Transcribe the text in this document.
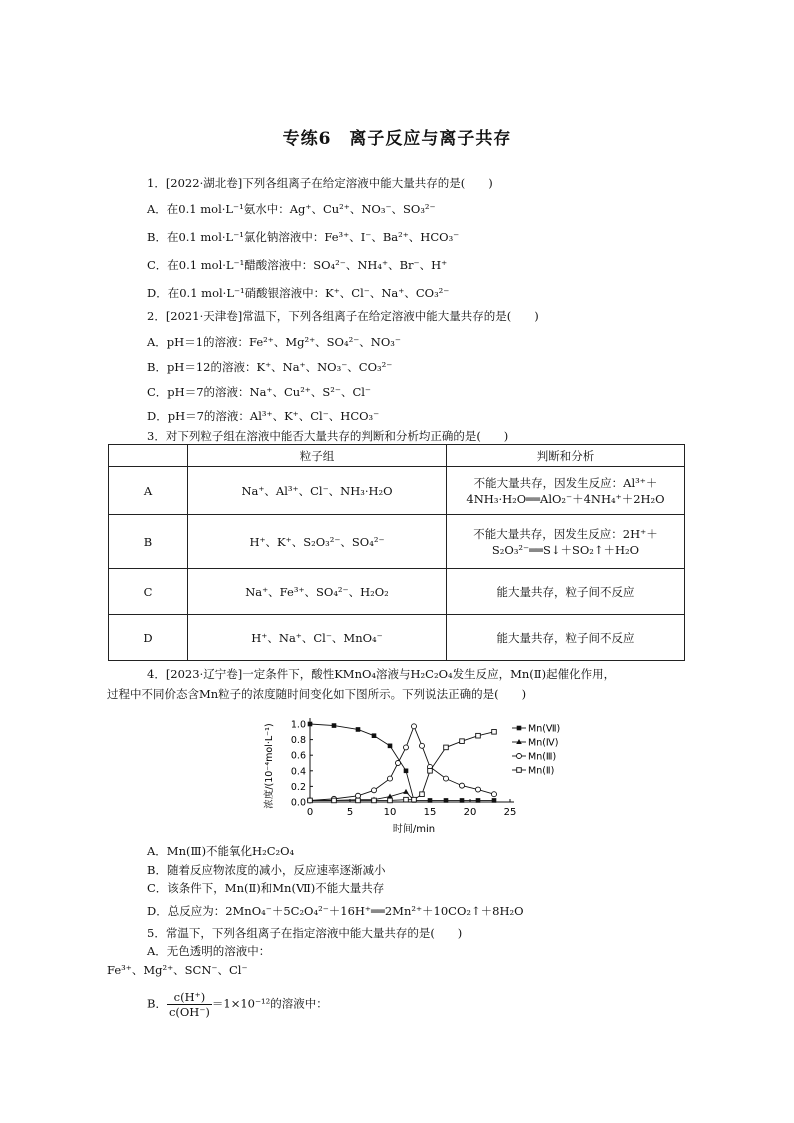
专练6　离子反应与离子共存
1．[2022·湖北卷]下列各组离子在给定溶液中能大量共存的是(　　)
A．在0.1 mol·L⁻¹氨水中：Ag⁺、Cu²⁺、NO₃⁻、SO₃²⁻
B．在0.1 mol·L⁻¹氯化钠溶液中：Fe³⁺、I⁻、Ba²⁺、HCO₃⁻
C．在0.1 mol·L⁻¹醋酸溶液中：SO₄²⁻、NH₄⁺、Br⁻、H⁺
D．在0.1 mol·L⁻¹硝酸银溶液中：K⁺、Cl⁻、Na⁺、CO₃²⁻
2．[2021·天津卷]常温下，下列各组离子在给定溶液中能大量共存的是(　　)
A．pH＝1的溶液：Fe²⁺、Mg²⁺、SO₄²⁻、NO₃⁻
B．pH＝12的溶液：K⁺、Na⁺、NO₃⁻、CO₃²⁻
C．pH＝7的溶液：Na⁺、Cu²⁺、S²⁻、Cl⁻
D．pH＝7的溶液：Al³⁺、K⁺、Cl⁻、HCO₃⁻
3．对下列粒子组在溶液中能否大量共存的判断和分析均正确的是(　　)
	粒子组	判断和分析
A	Na⁺、Al³⁺、Cl⁻、NH₃·H₂O	不能大量共存，因发生反应：Al³⁺＋4NH₃·H₂O══AlO₂⁻＋4NH₄⁺＋2H₂O
B	H⁺、K⁺、S₂O₃²⁻、SO₄²⁻	不能大量共存，因发生反应：2H⁺＋S₂O₃²⁻══S↓＋SO₂↑＋H₂O
C	Na⁺、Fe³⁺、SO₄²⁻、H₂O₂	能大量共存，粒子间不反应
D	H⁺、Na⁺、Cl⁻、MnO₄⁻	能大量共存，粒子间不反应
4．[2023·辽宁卷]一定条件下，酸性KMnO₄溶液与H₂C₂O₄发生反应，Mn(Ⅱ)起催化作用，
过程中不同价态含Mn粒子的浓度随时间变化如下图所示。下列说法正确的是(　　)
0	5	10	15	20	25
0.0
0.2
0.4
0.6
0.8
1.0
时间/min
浓度/(10⁻⁴mol·L⁻¹)	Mn(Ⅶ)
Mn(Ⅳ)
Mn(Ⅲ)
Mn(Ⅱ)
A．Mn(Ⅲ)不能氧化H₂C₂O₄
B．随着反应物浓度的减小，反应速率逐渐减小
C．该条件下，Mn(Ⅱ)和Mn(Ⅶ)不能大量共存
D．总反应为：2MnO₄⁻＋5C₂O₄²⁻＋16H⁺══2Mn²⁺＋10CO₂↑＋8H₂O
5．常温下，下列各组离子在指定溶液中能大量共存的是(　　)
A．无色透明的溶液中：
Fe³⁺、Mg²⁺、SCN⁻、Cl⁻
B． $\frac{c(H^+)}{c(OH^-)} =1\times 10^{-12}$的溶液中：
